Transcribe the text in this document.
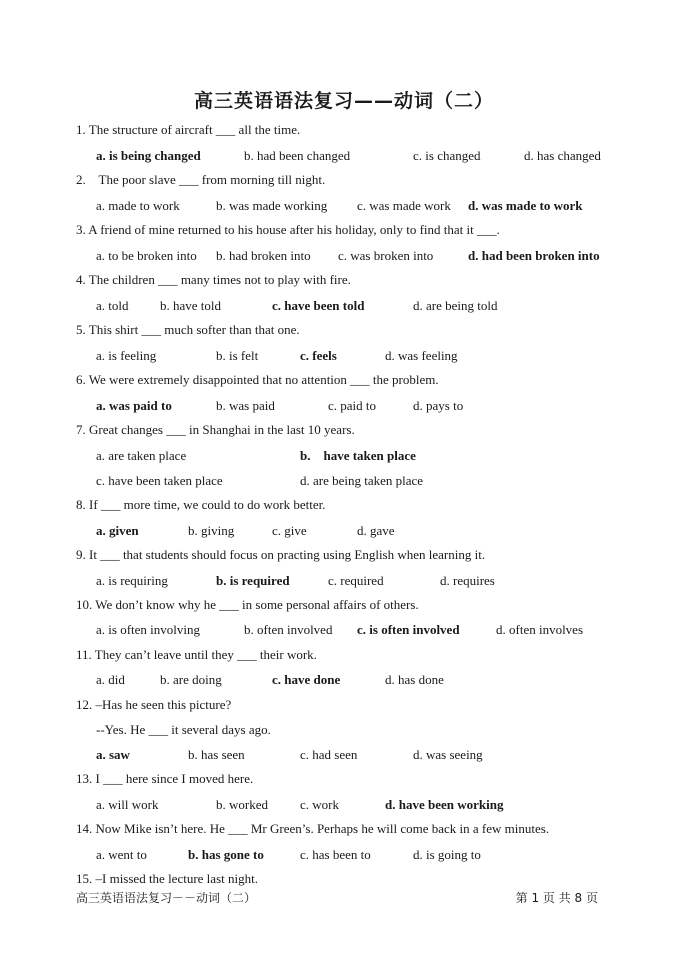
高三英语语法复习——动词（二）
1. The structure of aircraft ___ all the time.
a. is being changed	b. had been changed	c. is changed	d. has changed
2.    The poor slave ___ from morning till night.
a. made to work	b. was made working c. was made work d. was made to work
3. A friend of mine returned to his house after his holiday, only to find that it ___.
a. to be broken into b. had broken into c. was broken into	d. had been broken into
4. The children ___ many times not to play with fire.
a. told b. have told	c. have been told	d. are being told
5. This shirt ___ much softer than that one.
a. is feeling	b. is felt	c. feels	d. was feeling
6. We were extremely disappointed that no attention ___ the problem.
a. was paid to	b. was paid	c. paid to	d. pays to
7. Great changes ___ in Shanghai in the last 10 years.
a. are taken place	b.    have taken place
c. have been taken place	d. are being taken place
8. If ___ more time, we could to do work better.
a. given	b. giving	c. give	d. gave
9. It ___ that students should focus on practing using English when learning it.
a. is requiring	b. is required	c. required	d. requires
10. We don’t know why he ___ in some personal affairs of others.
a. is often involving	b. often involved c. is often involved	d. often involves
11. They can’t leave until they ___ their work.
a. did	b. are doing	c. have done	d. has done
12. –Has he seen this picture?
--Yes. He ___ it several days ago.
a. saw	b. has seen	c. had seen	d. was seeing
13. I ___ here since I moved here.
a. will work	b. worked c. work	d. have been working
14. Now Mike isn’t here. He ___ Mr Green’s. Perhaps he will come back in a few minutes.
a. went to	b. has gone to	c. has been to	d. is going to
15. –I missed the lecture last night.
高三英语语法复习－－动词（二）	第 1 页 共 8 页
